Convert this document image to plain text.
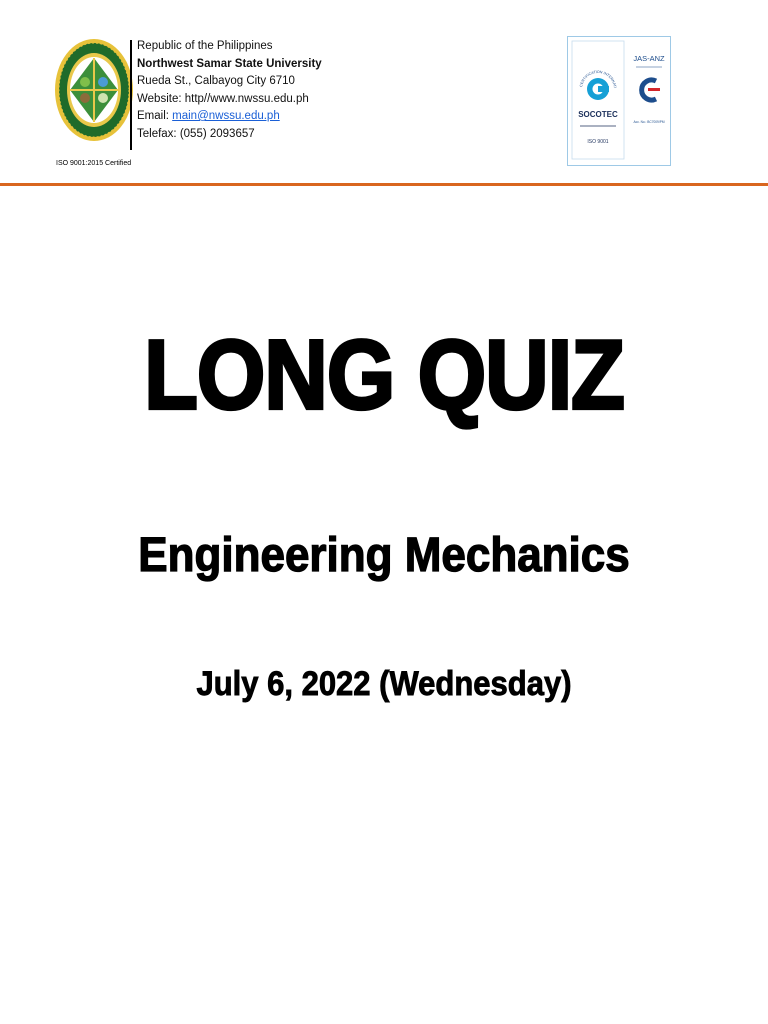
ISO 9001:2015 Certified
Republic of the Philippines
Northwest Samar State University
Rueda St., Calbayog City 6710
Website: http//www.nwssu.edu.ph
Email: main@nwssu.edu.ph
Telefax: (055) 2093657
CERTIFICATION INTERNATI
SOCOTEC
ISO 9001
JAS-ANZ
Acc. No.: BC7009/PM
LONG QUIZ
Engineering Mechanics
July 6, 2022 (Wednesday)
